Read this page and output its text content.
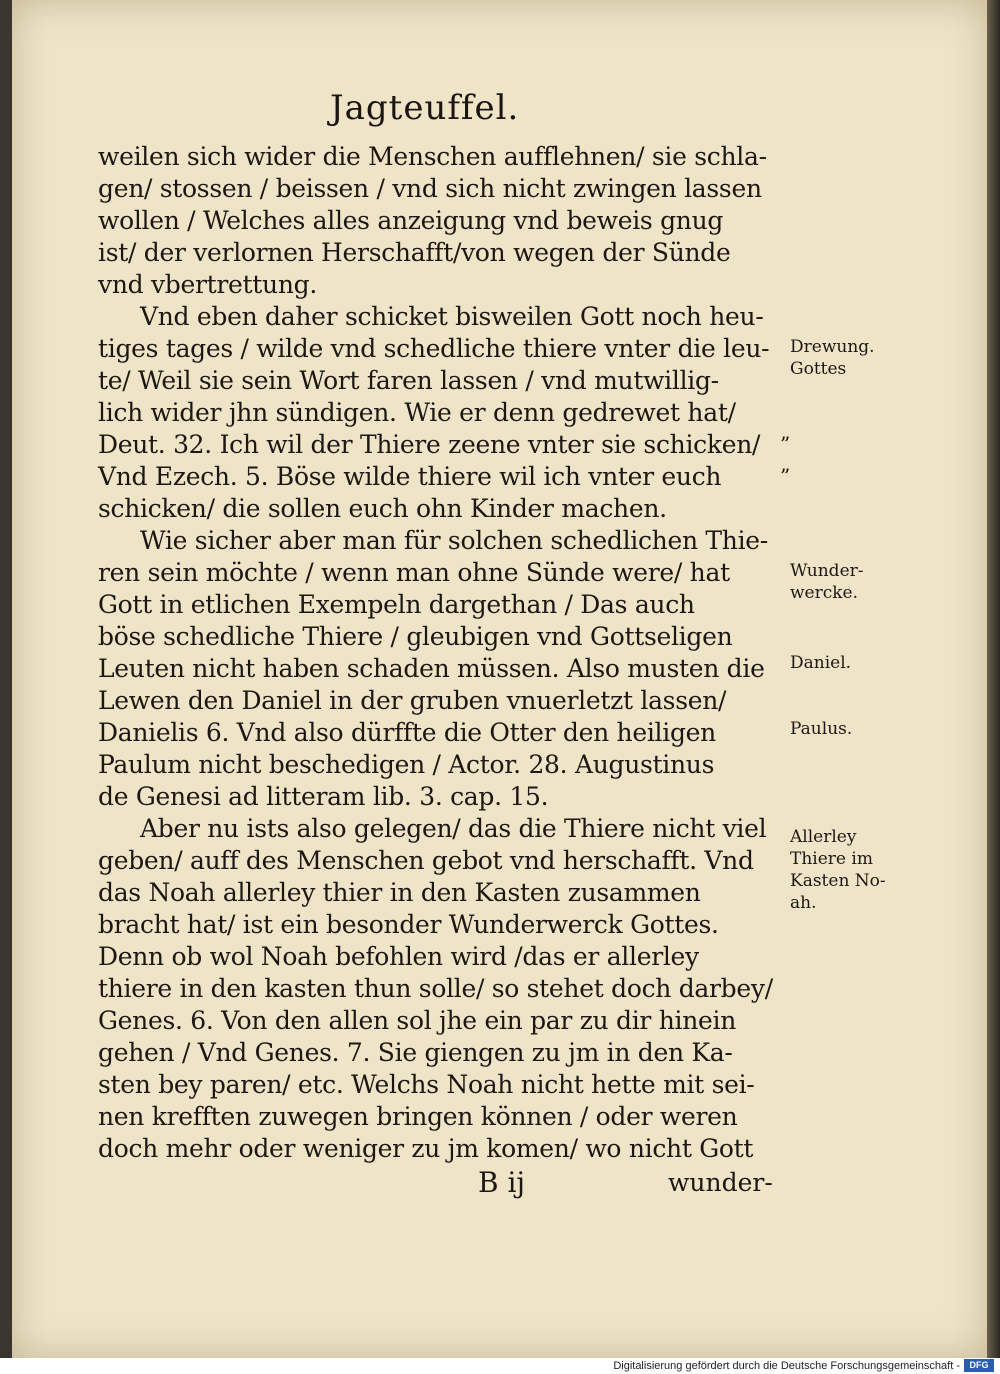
Jagteuffel.
weilen sich wider die Menschen aufflehnen/ sie schla-
gen/ stossen / beissen / vnd sich nicht zwingen lassen
wollen / Welches alles anzeigung vnd beweis gnug
ist/ der verlornen Herschafft/von wegen der Sünde
vnd vbertrettung.
Vnd eben daher schicket bisweilen Gott noch heu-
tiges tages / wilde vnd schedliche thiere vnter die leu-
te/ Weil sie sein Wort faren lassen / vnd mutwillig-
lich wider jhn sündigen. Wie er denn gedrewet hat/
Deut. 32. Ich wil der Thiere zeene vnter sie schicken/
Vnd Ezech. 5. Böse wilde thiere wil ich vnter euch
schicken/ die sollen euch ohn Kinder machen.
Wie sicher aber man für solchen schedlichen Thie-
ren sein möchte / wenn man ohne Sünde were/ hat
Gott in etlichen Exempeln dargethan / Das auch
böse schedliche Thiere / gleubigen vnd Gottseligen
Leuten nicht haben schaden müssen. Also musten die
Lewen den Daniel in der gruben vnuerletzt lassen/
Danielis 6. Vnd also dürffte die Otter den heiligen
Paulum nicht beschedigen / Actor. 28. Augustinus
de Genesi ad litteram lib. 3. cap. 15.
Aber nu ists also gelegen/ das die Thiere nicht viel
geben/ auff des Menschen gebot vnd herschafft. Vnd
das Noah allerley thier in den Kasten zusammen
bracht hat/ ist ein besonder Wunderwerck Gottes.
Denn ob wol Noah befohlen wird /das er allerley
thiere in den kasten thun solle/ so stehet doch darbey/
Genes. 6. Von den allen sol jhe ein par zu dir hinein
gehen / Vnd Genes. 7. Sie giengen zu jm in den Ka-
sten bey paren/ etc. Welchs Noah nicht hette mit sei-
nen krefften zuwegen bringen können / oder weren
doch mehr oder weniger zu jm komen/ wo nicht Gott
”
”
Drewung.
Gottes
Wunder-
wercke.
Daniel.
Paulus.
Allerley
Thiere im
Kasten No-
ah.
B ij	wunder-
Digitalisierung gefördert durch die Deutsche Forschungsgemeinschaft -	DFG
